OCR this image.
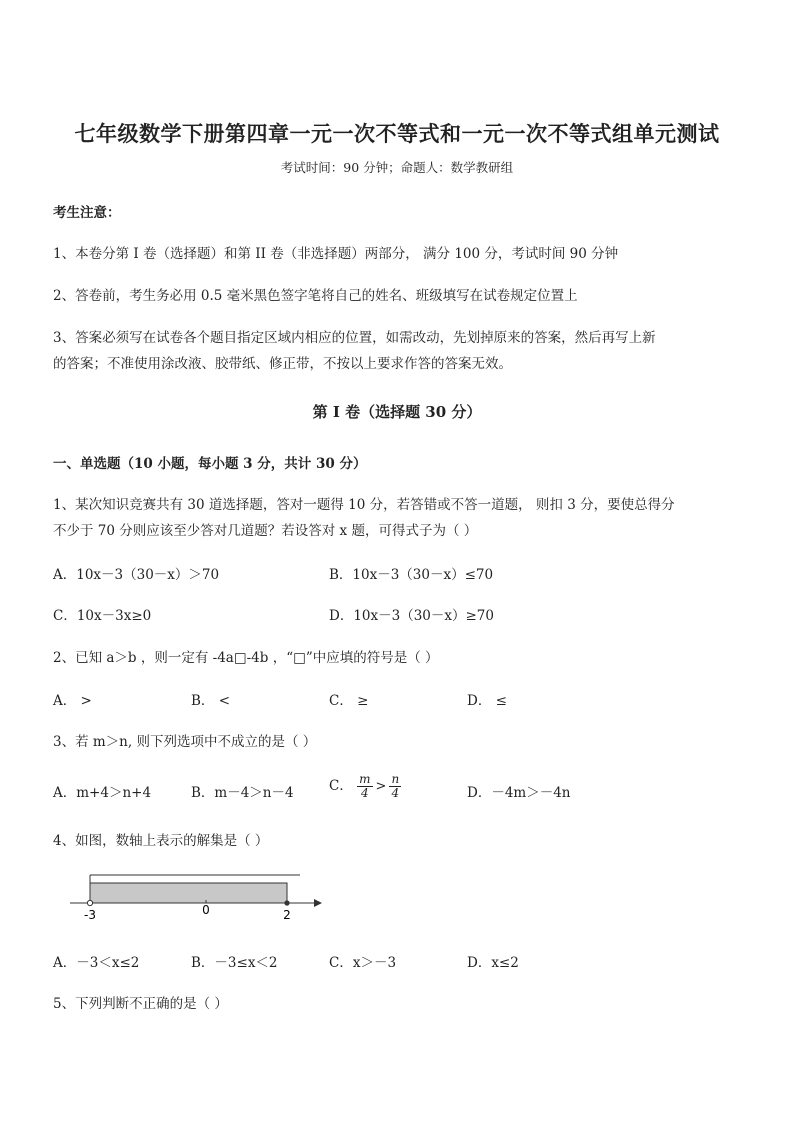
七年级数学下册第四章一元一次不等式和一元一次不等式组单元测试
考试时间：90 分钟；命题人：数学教研组
考生注意：
1、本卷分第 I 卷（选择题）和第 II 卷（非选择题）两部分， 满分 100 分，考试时间 90 分钟
2、答卷前，考生务必用 0.5 毫米黑色签字笔将自己的姓名、班级填写在试卷规定位置上
3、答案必须写在试卷各个题目指定区域内相应的位置，如需改动，先划掉原来的答案，然后再写上新
的答案；不准使用涂改液、胶带纸、修正带，不按以上要求作答的答案无效。
第 I 卷（选择题 30 分）
一、单选题（10 小题，每小题 3 分，共计 30 分）
1、某次知识竞赛共有 30 道选择题，答对一题得 10 分，若答错或不答一道题， 则扣 3 分，要使总得分
不少于 70 分则应该至少答对几道题？若设答对 x 题，可得式子为（ ）
A．10x－3（30－x）＞70	B．10x－3（30－x）≤70
C．10x－3x≥0	D．10x－3（30－x）≥70
2、已知 a＞b ，则一定有 -4a□-4b ，“□”中应填的符号是（ ）
A． >	B． <	C． ≥	D． ≤
3、若 m＞n, 则下列选项中不成立的是（ ）
A．m+4＞n+4	B．m－4＞n－4	C． $\frac{m}{4} > \frac{n}{4}$	D．－4m＞－4n
4、如图，数轴上表示的解集是（ ）
-3	0	2
A．－3＜x≤2	B．－3≤x＜2	C．x＞－3	D．x≤2
5、下列判断不正确的是（ ）
